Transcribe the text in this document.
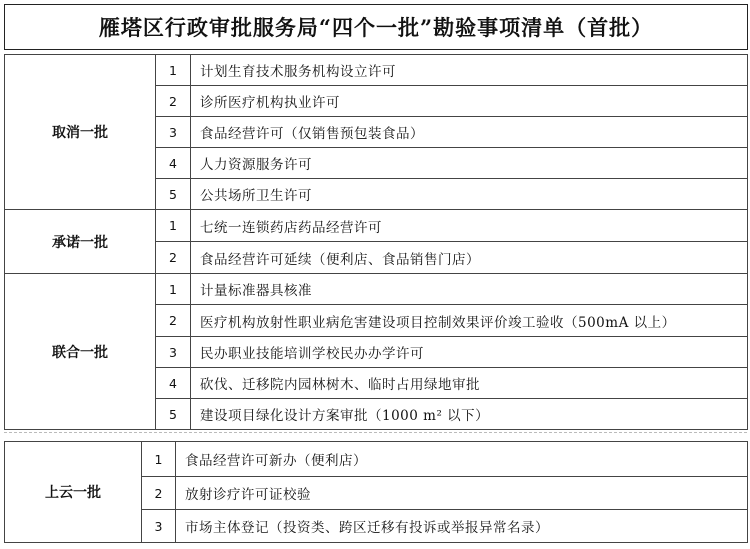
雁塔区行政审批服务局“四个一批”勘验事项清单（首批）
取消一批	1	计划生育技术服务机构设立许可
	2	诊所医疗机构执业许可
	3	食品经营许可（仅销售预包装食品）
	4	人力资源服务许可
	5	公共场所卫生许可
承诺一批	1	七统一连锁药店药品经营许可
	2	食品经营许可延续（便利店、食品销售门店）
联合一批	1	计量标准器具核准
	2	医疗机构放射性职业病危害建设项目控制效果评价竣工验收（500mA 以上）
	3	民办职业技能培训学校民办办学许可
	4	砍伐、迁移院内园林树木、临时占用绿地审批
	5	建设项目绿化设计方案审批（1000 m² 以下）
上云一批	1	食品经营许可新办（便利店）
	2	放射诊疗许可证校验
	3	市场主体登记（投资类、跨区迁移有投诉或举报异常名录）
